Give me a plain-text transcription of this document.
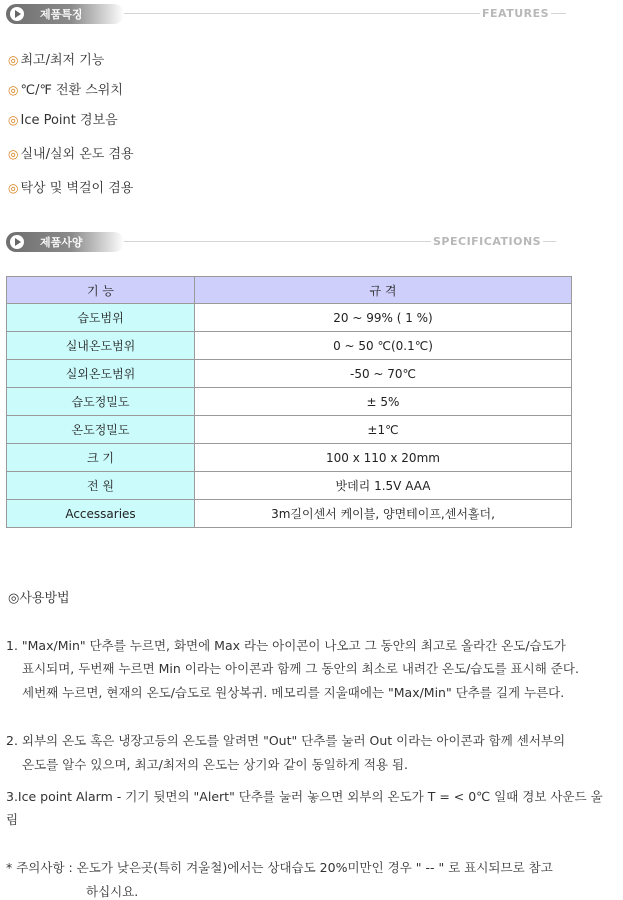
제품특징	FEATURES
◎ 최고/최저 기능
◎ ℃/℉ 전환 스위치
◎ Ice Point 경보음
◎ 실내/실외 온도 겸용
◎ 탁상 및 벽걸이 겸용
제품사양	SPECIFICATIONS
기 능	규 격
습도범위	20 ~ 99% ( 1 %)
실내온도범위	0 ~ 50 ℃(0.1℃)
실외온도범위	-50 ~ 70℃
습도정밀도	± 5%
온도정밀도	±1℃
크 기	100 x 110 x 20mm
전 원	밧데리 1.5V AAA
Accessaries	3m길이센서 케이블, 양면테이프,센서홀더,
◎사용방법
1. "Max/Min" 단추를 누르면, 화면에 Max 라는 아이콘이 나오고 그 동안의 최고로 올라간 온도/습도가
표시되며, 두번째 누르면 Min 이라는 아이콘과 함께 그 동안의 최소로 내려간 온도/습도를 표시해 준다.
세번째 누르면, 현재의 온도/습도로 원상복귀. 메모리를 지울때에는 "Max/Min" 단추를 길게 누른다.
2. 외부의 온도 혹은 냉장고등의 온도를 알려면 "Out" 단추를 눌러 Out 이라는 아이콘과 함께 센서부의
온도를 알수 있으며, 최고/최저의 온도는 상기와 같이 동일하게 적용 됨.
3.Ice point Alarm - 기기 뒷면의 "Alert" 단추를 눌러 놓으면 외부의 온도가 T = < 0℃ 일때 경보 사운드 울
림
* 주의사항 : 온도가 낮은곳(특히 겨울철)에서는 상대습도 20%미만인 경우 " -- " 로 표시되므로 참고
하십시요.
